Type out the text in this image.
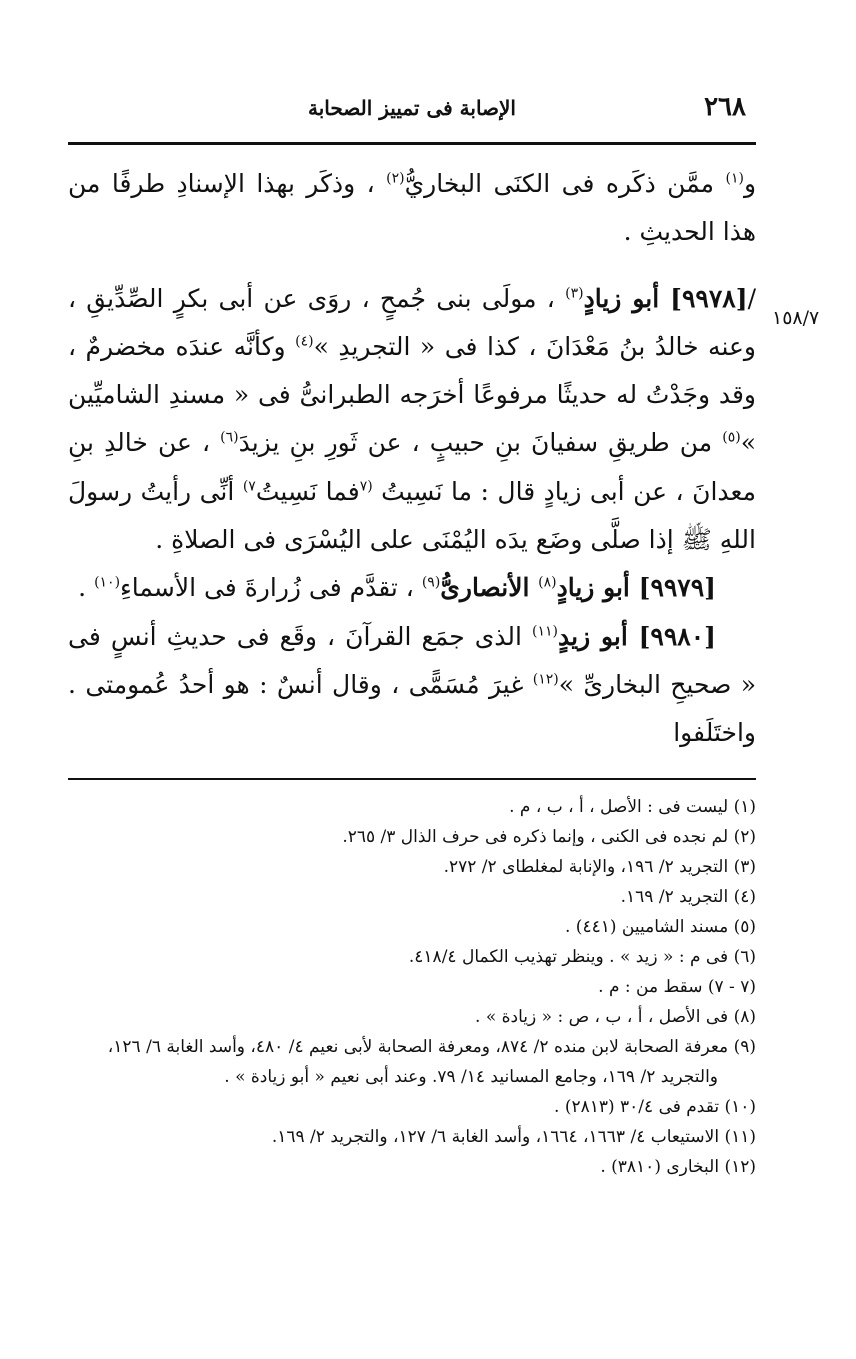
٢٦٨
الإصابة فى تمييز الصحابة
١٥٨/٧

و$^{(١)}$ ممَّن ذكَره فى الكنَى البخاريُّ$^{(٢)}$ ، وذكَر بهذا الإسنادِ طرفًا من هذا الحديثِ .

/[٩٩٧٨] أبو زيادٍ$^{(٣)}$ ، مولَى بنى جُمحٍ ، روَى عن أبى بكرٍ الصِّدِّيقِ ، وعنه خالدُ بنُ مَعْدَانَ ، كذا فى « التجريدِ »$^{(٤)}$ وكأنَّه عندَه مخضرمٌ ، وقد وجَدْتُ له حديثًا مرفوعًا أخرَجه الطبرانىُّ فى « مسندِ الشاميِّين »$^{(٥)}$ من طريقِ سفيانَ بنِ حبيبٍ ، عن ثَورِ بنِ يزيدَ$^{(٦)}$ ، عن خالدِ بنِ معدانَ ، عن أبى زيادٍ قال : ما نَسِيتُ $^{(٧}$فما نَسِيتُ$^{٧)}$ أنِّى رأيتُ رسولَ اللهِ ﷺ إذا صلَّى وضَع يدَه اليُمْنَى على اليُسْرَى فى الصلاةِ .

[٩٩٧٩] أبو زيادٍ$^{(٨)}$ الأنصارىُّ$^{(٩)}$ ، تقدَّم فى زُرارةَ فى الأسماءِ$^{(١٠)}$ .

[٩٩٨٠] أبو زيدٍ$^{(١١)}$ الذى جمَع القرآنَ ، وقَع فى حديثِ أنسٍ فى « صحيحِ البخارىِّ »$^{(١٢)}$ غيرَ مُسَمًّى ، وقال أنسٌ : هو أحدُ عُمومتى . واختَلَفوا

(١) ليست فى : الأصل ، أ ، ب ، م .
(٢) لم نجده فى الكنى ، وإنما ذكره فى حرف الذال ٣/ ٢٦٥.
(٣) التجريد ٢/ ١٩٦، والإنابة لمغلطاى ٢/ ٢٧٢.
(٤) التجريد ٢/ ١٦٩.
(٥) مسند الشاميين (٤٤١) .
(٦) فى م : « زيد » . وينظر تهذيب الكمال ٤١٨/٤.
(٧ - ٧) سقط من : م .
(٨) فى الأصل ، أ ، ب ، ص : « زيادة » .
(٩) معرفة الصحابة لابن منده ٢/ ٨٧٤، ومعرفة الصحابة لأبى نعيم ٤/ ٤٨٠، وأسد الغابة ٦/ ١٢٦،
والتجريد ٢/ ١٦٩، وجامع المسانيد ١٤/ ٧٩. وعند أبى نعيم « أبو زيادة » .
(١٠) تقدم فى ٣٠/٤ (٢٨١٣) .
(١١) الاستيعاب ٤/ ١٦٦٣، ١٦٦٤، وأسد الغابة ٦/ ١٢٧، والتجريد ٢/ ١٦٩.
(١٢) البخارى (٣٨١٠) .
